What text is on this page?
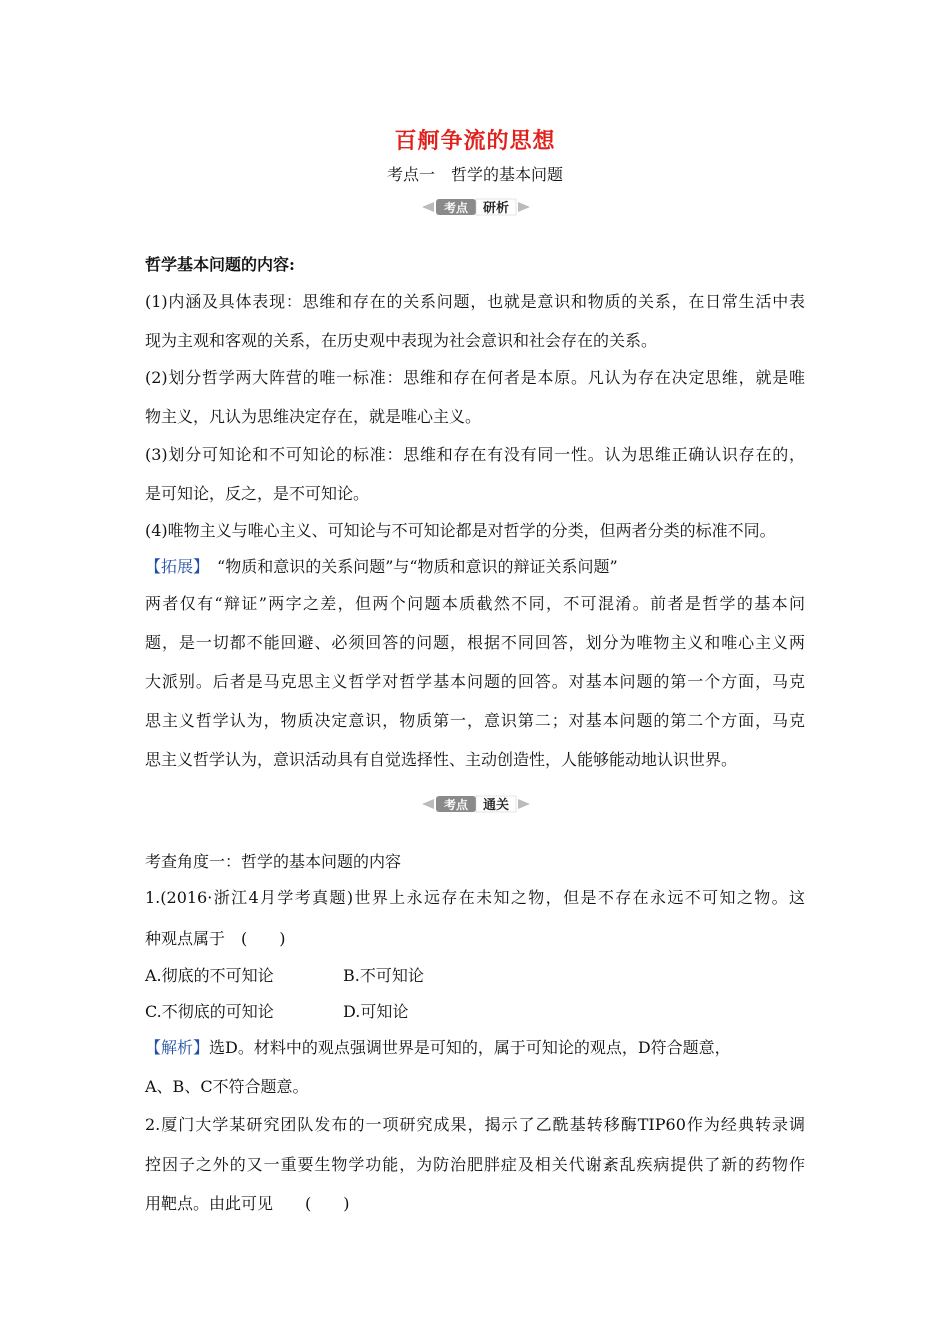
百舸争流的思想
考点一　哲学的基本问题
考点 研析
哲学基本问题的内容:
(1)内涵及具体表现：思维和存在的关系问题，也就是意识和物质的关系，在日常生活中表
现为主观和客观的关系，在历史观中表现为社会意识和社会存在的关系。
(2)划分哲学两大阵营的唯一标准：思维和存在何者是本原。凡认为存在决定思维，就是唯
物主义，凡认为思维决定存在，就是唯心主义。
(3)划分可知论和不可知论的标准：思维和存在有没有同一性。认为思维正确认识存在的，
是可知论，反之，是不可知论。
(4)唯物主义与唯心主义、可知论与不可知论都是对哲学的分类，但两者分类的标准不同。
【拓展】　“物质和意识的关系问题”与“物质和意识的辩证关系问题”
两者仅有“辩证”两字之差，但两个问题本质截然不同，不可混淆。前者是哲学的基本问
题，是一切都不能回避、必须回答的问题，根据不同回答，划分为唯物主义和唯心主义两
大派别。后者是马克思主义哲学对哲学基本问题的回答。对基本问题的第一个方面，马克
思主义哲学认为，物质决定意识，物质第一，意识第二；对基本问题的第二个方面，马克
思主义哲学认为，意识活动具有自觉选择性、主动创造性，人能够能动地认识世界。
考点 通关
考查角度一：哲学的基本问题的内容
1.(2016·浙江4月学考真题)世界上永远存在未知之物，但是不存在永远不可知之物。这
种观点属于　(　　)
A.彻底的不可知论	B.不可知论
C.不彻底的可知论	D.可知论
【解析】选D。材料中的观点强调世界是可知的，属于可知论的观点，D符合题意，
A、B、C不符合题意。
2.厦门大学某研究团队发布的一项研究成果，揭示了乙酰基转移酶TIP60作为经典转录调
控因子之外的又一重要生物学功能，为防治肥胖症及相关代谢紊乱疾病提供了新的药物作
用靶点。由此可见　　(　　)
